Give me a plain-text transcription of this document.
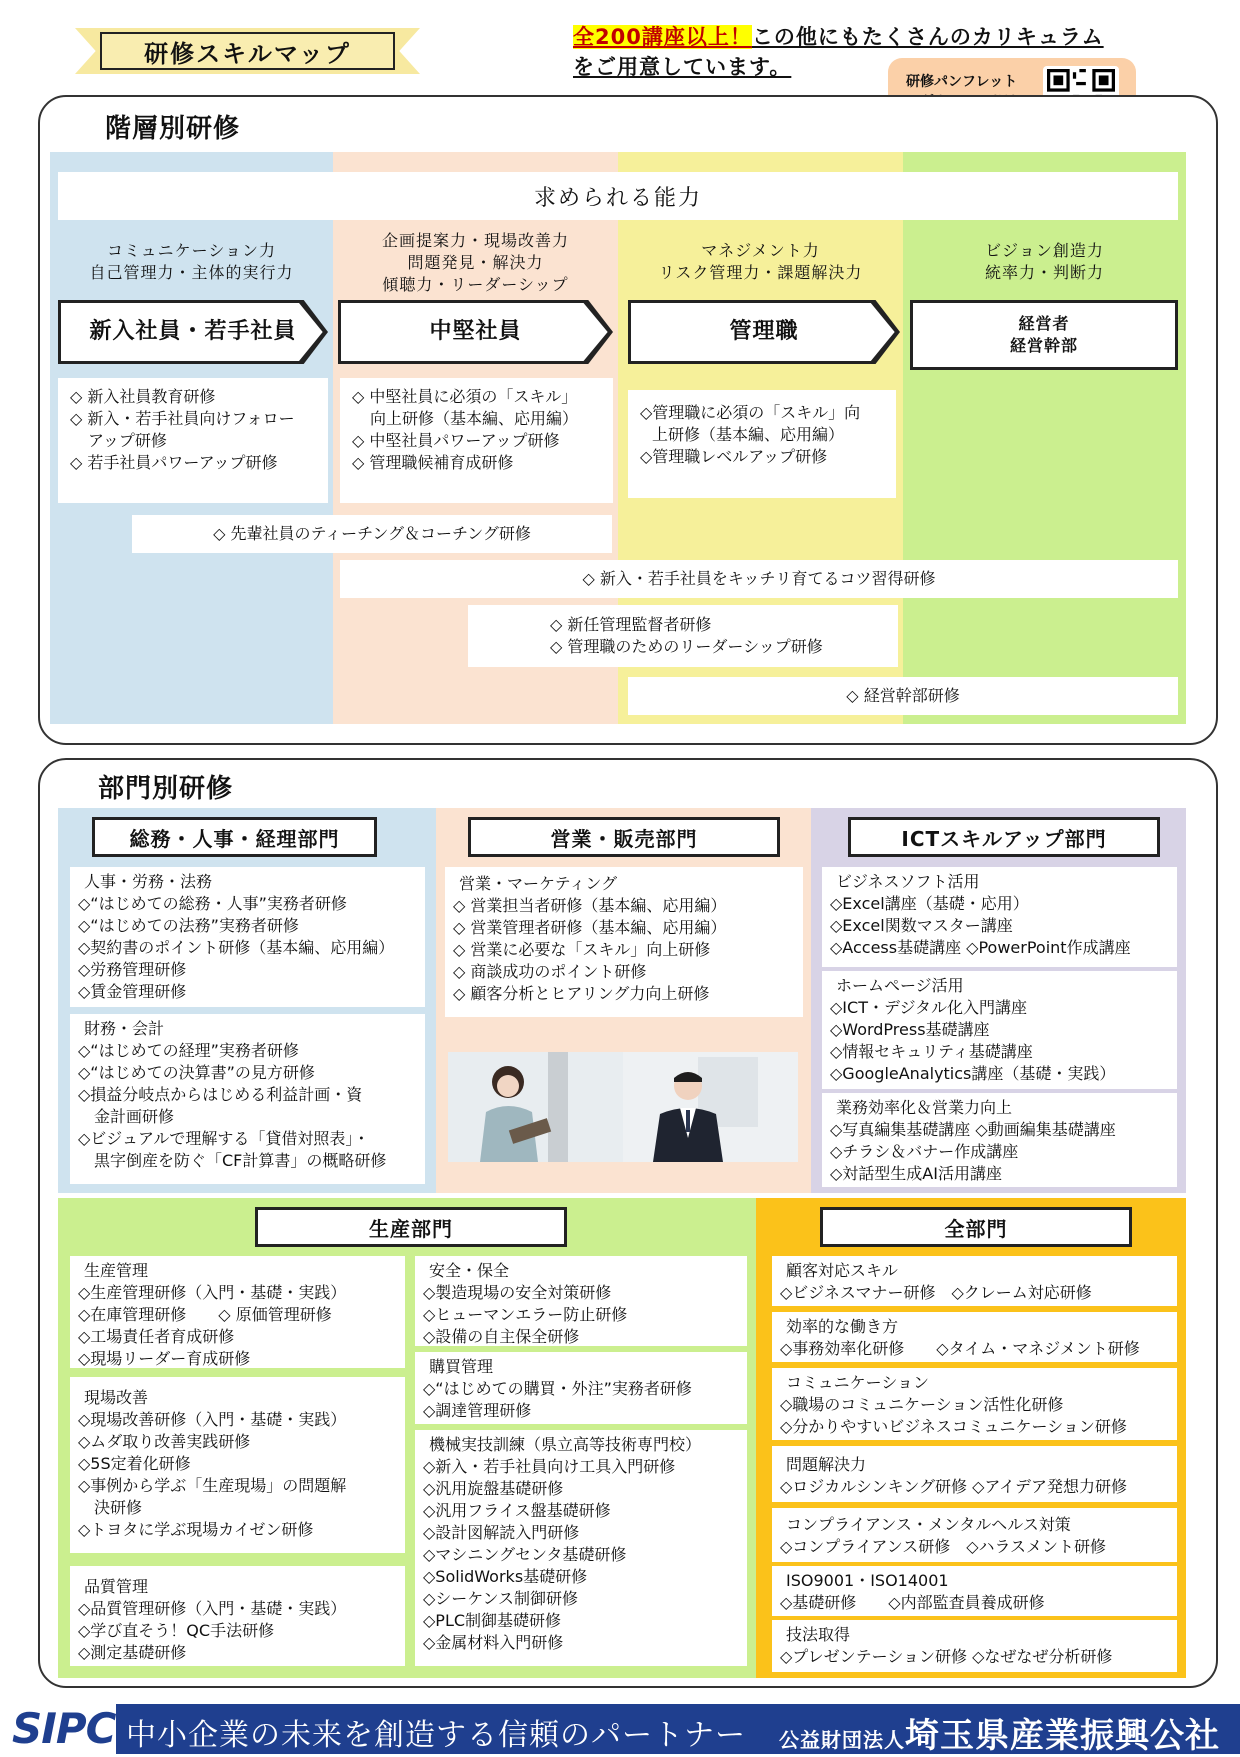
研修スキルマップ
全200講座以上！この他にもたくさんのカリキュラム
をご用意しています。
研修パンフレット
階層別研修
求められる能力
コミュニケーション力
自己管理力・主体的実行力
企画提案力・現場改善力
問題発見・解決力
傾聴力・リーダーシップ
マネジメント力
リスク管理力・課題解決力
ビジョン創造力
統率力・判断力
新入社員・若手社員	中堅社員	管理職	経営者
経営幹部
◇ 新入社員教育研修
◇ 新入・若手社員向けフォロー
アップ研修
◇ 若手社員パワーアップ研修
◇ 中堅社員に必須の「スキル」
向上研修（基本編、応用編）
◇ 中堅社員パワーアップ研修
◇ 管理職候補育成研修
◇管理職に必須の「スキル」向
上研修（基本編、応用編）
◇管理職レベルアップ研修
◇ 先輩社員のティーチング＆コーチング研修
◇ 新入・若手社員をキッチリ育てるコツ習得研修
◇ 新任管理監督者研修
◇ 管理職のためのリーダーシップ研修
◇ 経営幹部研修
部門別研修
総務・人事・経理部門
人事・労務・法務
◇“はじめての総務・人事”実務者研修
◇“はじめての法務”実務者研修
◇契約書のポイント研修（基本編、応用編）
◇労務管理研修
◇賃金管理研修
財務・会計
◇“はじめての経理”実務者研修
◇“はじめての決算書”の見方研修
◇損益分岐点からはじめる利益計画・資
金計画研修
◇ビジュアルで理解する「貸借対照表」・
黒字倒産を防ぐ「CF計算書」の概略研修
営業・販売部門
営業・マーケティング
◇ 営業担当者研修（基本編、応用編）
◇ 営業管理者研修（基本編、応用編）
◇ 営業に必要な「スキル」向上研修
◇ 商談成功のポイント研修
◇ 顧客分析とヒアリング力向上研修
ICTスキルアップ部門
ビジネスソフト活用
◇Excel講座（基礎・応用）
◇Excel関数マスター講座
◇Access基礎講座 ◇PowerPoint作成講座
ホームページ活用
◇ICT・デジタル化入門講座
◇WordPress基礎講座
◇情報セキュリティ基礎講座
◇GoogleAnalytics講座（基礎・実践）
業務効率化＆営業力向上
◇写真編集基礎講座 ◇動画編集基礎講座
◇チラシ＆バナー作成講座
◇対話型生成AI活用講座
生産部門
生産管理
◇生産管理研修（入門・基礎・実践）
◇在庫管理研修　　◇ 原価管理研修
◇工場責任者育成研修
◇現場リーダー育成研修
現場改善
◇現場改善研修（入門・基礎・実践）
◇ムダ取り改善実践研修
◇5S定着化研修
◇事例から学ぶ「生産現場」の問題解
決研修
◇トヨタに学ぶ現場カイゼン研修
品質管理
◇品質管理研修（入門・基礎・実践）
◇学び直そう！QC手法研修
◇測定基礎研修
安全・保全
◇製造現場の安全対策研修
◇ヒューマンエラー防止研修
◇設備の自主保全研修
購買管理
◇“はじめての購買・外注”実務者研修
◇調達管理研修
機械実技訓練（県立高等技術専門校）
◇新入・若手社員向け工具入門研修
◇汎用旋盤基礎研修
◇汎用フライス盤基礎研修
◇設計図解読入門研修
◇マシニングセンタ基礎研修
◇SolidWorks基礎研修
◇シーケンス制御研修
◇PLC制御基礎研修
◇金属材料入門研修
全部門
顧客対応スキル
◇ビジネスマナー研修　◇クレーム対応研修
効率的な働き方
◇事務効率化研修　　◇タイム・マネジメント研修
コミュニケーション
◇職場のコミュニケーション活性化研修
◇分かりやすいビジネスコミュニケーション研修
問題解決力
◇ロジカルシンキング研修 ◇アイデア発想力研修
コンプライアンス・メンタルヘルス対策
◇コンプライアンス研修　◇ハラスメント研修
ISO9001・ISO14001
◇基礎研修　　◇内部監査員養成研修
技法取得
◇プレゼンテーション研修 ◇なぜなぜ分析研修
SIPC 中小企業の未来を創造する信頼のパートナー 公益財団法人埼玉県産業振興公社
